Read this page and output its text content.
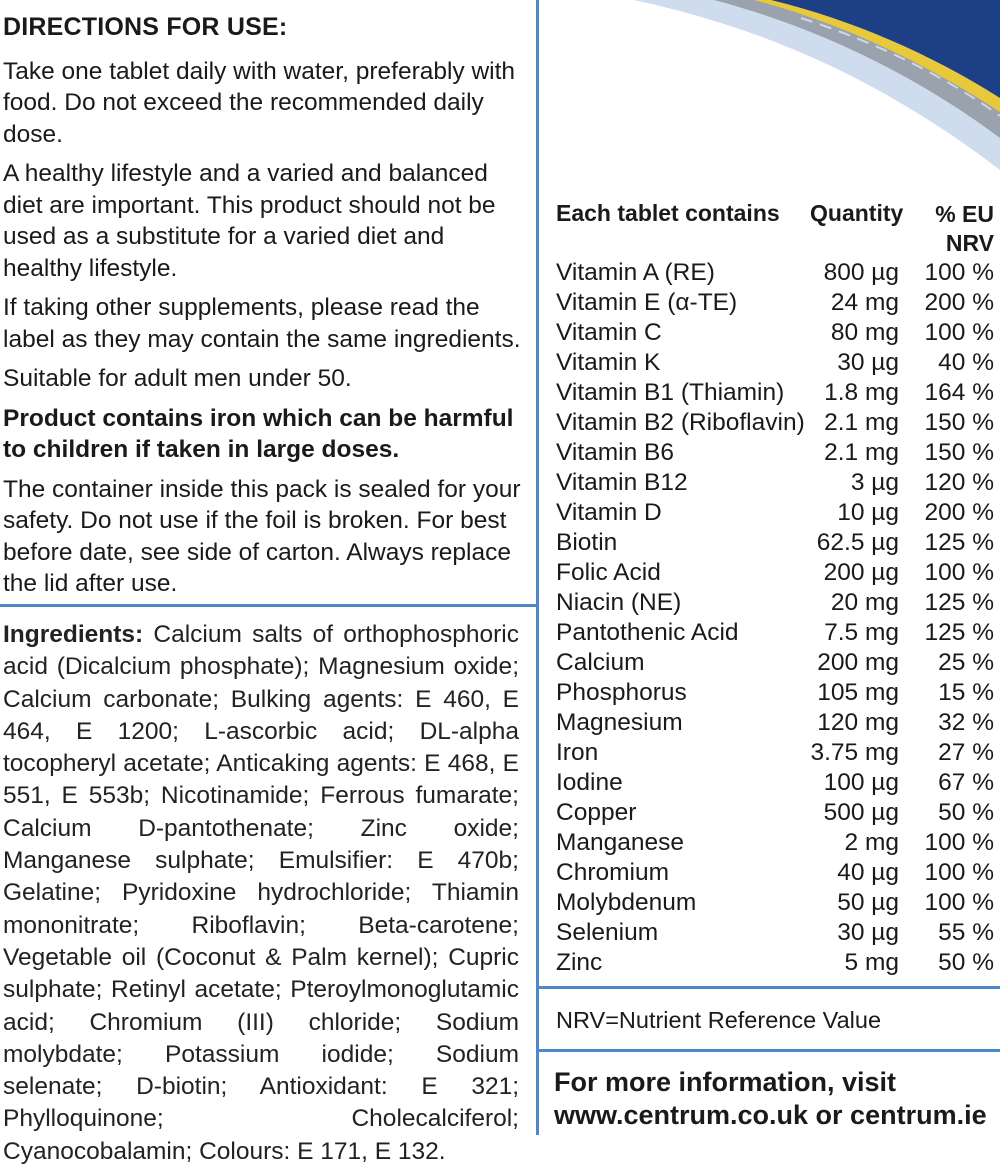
DIRECTIONS FOR USE:

Take one tablet daily with water, preferably with food. Do not exceed the recommended daily dose.

A healthy lifestyle and a varied and balanced diet are important. This product should not be used as a substitute for a varied diet and healthy lifestyle.

If taking other supplements, please read the label as they may contain the same ingredients.

Suitable for adult men under 50.

Product contains iron which can be harmful to children if taken in large doses.

The container inside this pack is sealed for your safety. Do not use if the foil is broken. For best before date, see side of carton. Always replace the lid after use.

Ingredients: Calcium salts of orthophosphoric acid (Dicalcium phosphate); Magnesium oxide; Calcium carbonate; Bulking agents: E 460, E 464, E 1200; L-ascorbic acid; DL-alpha tocopheryl acetate; Anticaking agents: E 468, E 551, E 553b; Nicotinamide; Ferrous fumarate; Calcium D-pantothenate; Zinc oxide; Manganese sulphate; Emulsifier: E 470b; Gelatine; Pyridoxine hydrochloride; Thiamin mononitrate; Riboflavin; Beta-carotene; Vegetable oil (Coconut & Palm kernel); Cupric sulphate; Retinyl acetate; Pteroylmonoglutamic acid; Chromium (III) chloride; Sodium molybdate; Potassium iodide; Sodium selenate; D-biotin; Antioxidant: E 321; Phylloquinone; Cholecalciferol; Cyanocobalamin; Colours: E 171, E 132.
Each tablet contains Quantity % EU
NRV
Vitamin A (RE)	800 µg 100 %
Vitamin E (α-TE)	24 mg 200 %
Vitamin C	80 mg 100 %
Vitamin K	30 µg 40 %
Vitamin B1 (Thiamin) 1.8 mg 164 %
Vitamin B2 (Riboflavin) 2.1 mg 150 %
Vitamin B6	2.1 mg 150 %
Vitamin B12	3 µg 120 %
Vitamin D	10 µg 200 %
Biotin	62.5 µg 125 %
Folic Acid	200 µg 100 %
Niacin (NE)	20 mg 125 %
Pantothenic Acid	7.5 mg 125 %
Calcium	200 mg 25 %
Phosphorus	105 mg 15 %
Magnesium	120 mg 32 %
Iron	3.75 mg 27 %
Iodine	100 µg 67 %
Copper	500 µg 50 %
Manganese	2 mg 100 %
Chromium	40 µg 100 %
Molybdenum	50 µg 100 %
Selenium	30 µg 55 %
Zinc	5 mg 50 %
NRV=Nutrient Reference Value
For more information, visit
www.centrum.co.uk or centrum.ie
